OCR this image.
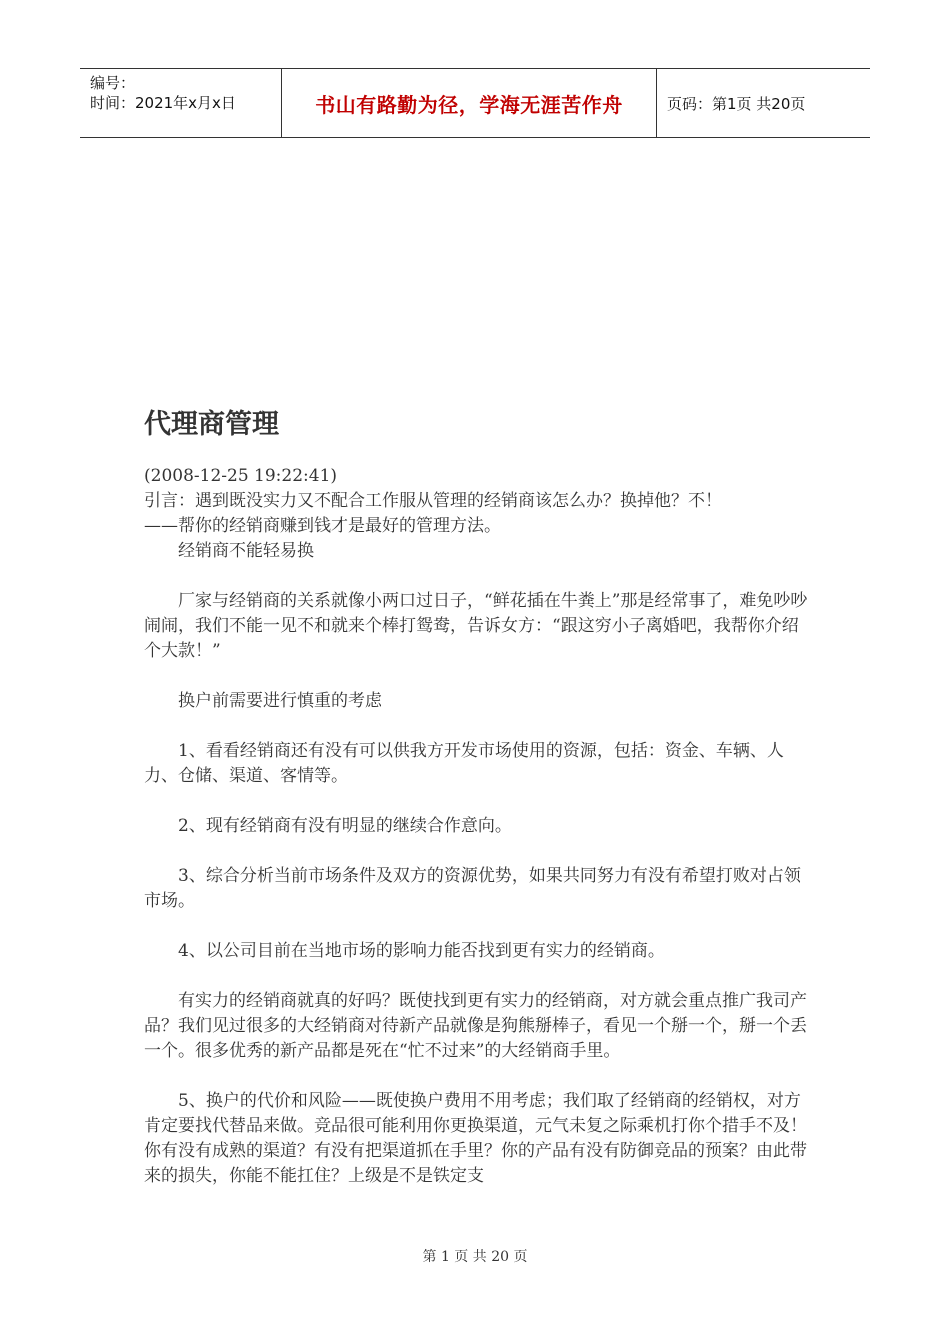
编号：
时间：2021年x月x日	书山有路勤为径，学海无涯苦作舟	页码：第1页 共20页
代理商管理

(2008-12-25 19:22:41)

引言：遇到既没实力又不配合工作服从管理的经销商该怎么办？换掉他？不！

——帮你的经销商赚到钱才是最好的管理方法。

经销商不能轻易换

厂家与经销商的关系就像小两口过日子，“鲜花插在牛粪上”那是经常事了，难免吵吵闹闹，我们不能一见不和就来个棒打鸳鸯，告诉女方：“跟这穷小子离婚吧，我帮你介绍个大款！”

换户前需要进行慎重的考虑

1、看看经销商还有没有可以供我方开发市场使用的资源，包括：资金、车辆、人力、仓储、渠道、客情等。

2、现有经销商有没有明显的继续合作意向。

3、综合分析当前市场条件及双方的资源优势，如果共同努力有没有希望打败对占领市场。

4、以公司目前在当地市场的影响力能否找到更有实力的经销商。

有实力的经销商就真的好吗？既使找到更有实力的经销商，对方就会重点推广我司产品？我们见过很多的大经销商对待新产品就像是狗熊掰棒子，看见一个掰一个，掰一个丢一个。很多优秀的新产品都是死在“忙不过来”的大经销商手里。

5、换户的代价和风险——既使换户费用不用考虑；我们取了经销商的经销权，对方肯定要找代替品来做。竞品很可能利用你更换渠道，元气未复之际乘机打你个措手不及！你有没有成熟的渠道？有没有把渠道抓在手里？你的产品有没有防御竞品的预案？由此带来的损失，你能不能扛住？上级是不是铁定支

第 1 页 共 20 页
